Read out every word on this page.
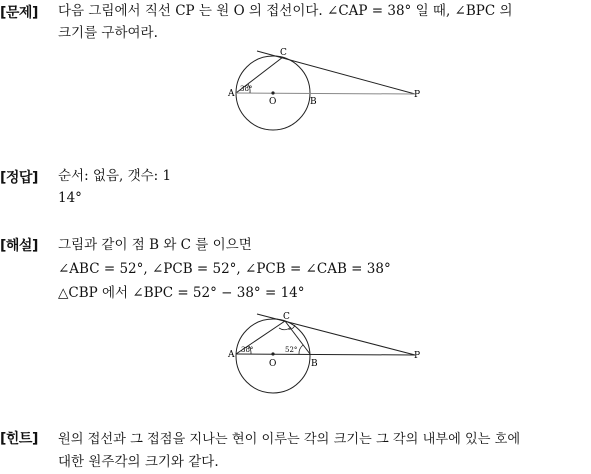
[문제]	다음 그림에서 직선 CP 는 원 O 의 접선이다. ∠CAP = 38° 일 때, ∠BPC 의
크기를 구하여라.
C
A 38°
O	B
P
[정답]	순서: 없음, 갯수: 1
14°
[해설]	그림과 같이 점 B 와 C 를 이으면
∠ABC = 52°, ∠PCB = 52°, ∠PCB = ∠CAB = 38°
△CBP 에서 ∠BPC = 52° − 38° = 14°
C
A 38°	52°
O	B
P
[힌트]	원의 접선과 그 접점을 지나는 현이 이루는 각의 크기는 그 각의 내부에 있는 호에
대한 원주각의 크기와 같다.
